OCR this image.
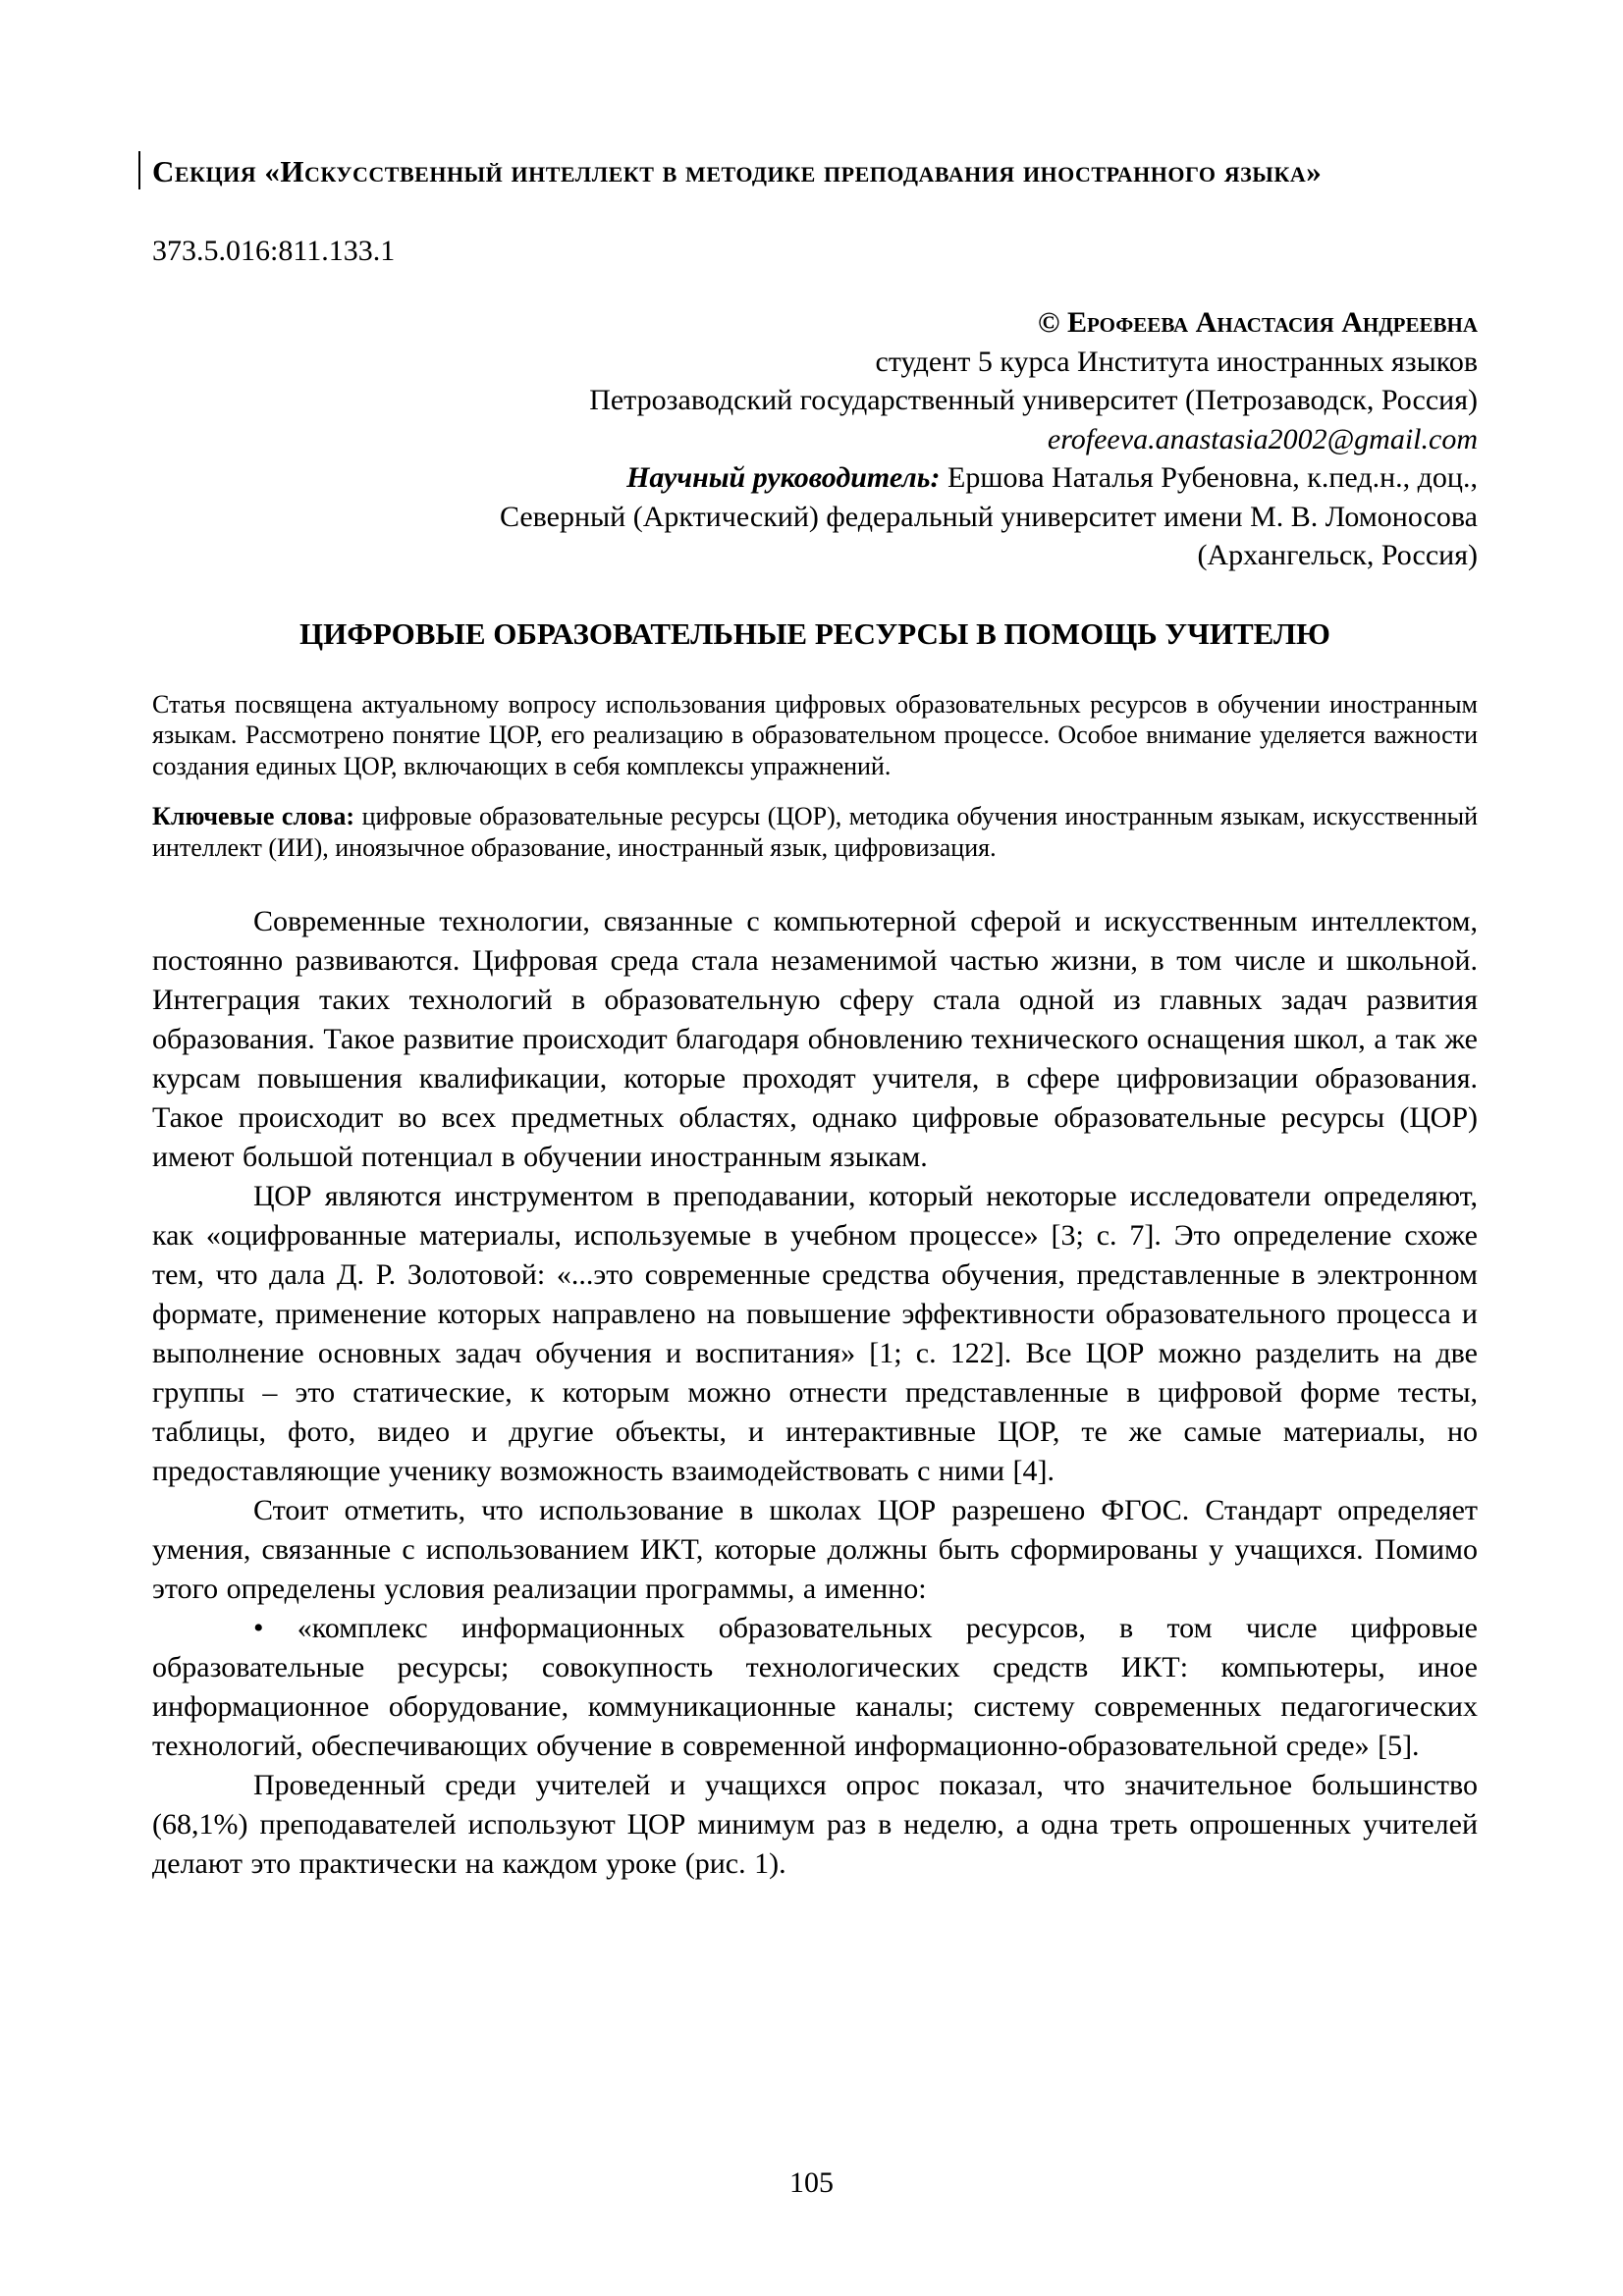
Секция «Искусственный интеллект в методике преподавания иностранного языка»

373.5.016:811.133.1

© Ерофеева Анастасия Андреевна

студент 5 курса Института иностранных языков

Петрозаводский государственный университет (Петрозаводск, Россия)

erofeeva.anastasia2002@gmail.com

Научный руководитель: Ершова Наталья Рубеновна, к.пед.н., доц.,

Северный (Арктический) федеральный университет имени М. В. Ломоносова

(Архангельск, Россия)

ЦИФРОВЫЕ ОБРАЗОВАТЕЛЬНЫЕ РЕСУРСЫ В ПОМОЩЬ УЧИТЕЛЮ

Статья посвящена актуальному вопросу использования цифровых образовательных ресурсов в обучении иностранным языкам. Рассмотрено понятие ЦОР, его реализацию в образовательном процессе. Особое внимание уделяется важности создания единых ЦОР, включающих в себя комплексы упражнений.

Ключевые слова: цифровые образовательные ресурсы (ЦОР), методика обучения иностранным языкам, искусственный интеллект (ИИ), иноязычное образование, иностранный язык, цифровизация.

Современные технологии, связанные с компьютерной сферой и искусственным интеллектом, постоянно развиваются. Цифровая среда стала незаменимой частью жизни, в том числе и школьной. Интеграция таких технологий в образовательную сферу стала одной из главных задач развития образования. Такое развитие происходит благодаря обновлению технического оснащения школ, а так же курсам повышения квалификации, которые проходят учителя, в сфере цифровизации образования. Такое происходит во всех предметных областях, однако цифровые образовательные ресурсы (ЦОР) имеют большой потенциал в обучении иностранным языкам.

ЦОР являются инструментом в преподавании, который некоторые исследователи определяют, как «оцифрованные материалы, используемые в учебном процессе» [3; с. 7]. Это определение схоже тем, что дала Д. Р. Золотовой: «...это современные средства обучения, представленные в электронном формате, применение которых направлено на повышение эффективности образовательного процесса и выполнение основных задач обучения и воспитания» [1; с. 122]. Все ЦОР можно разделить на две группы – это статические, к которым можно отнести представленные в цифровой форме тесты, таблицы, фото, видео и другие объекты, и интерактивные ЦОР, те же самые материалы, но предоставляющие ученику возможность взаимодействовать с ними [4].

Стоит отметить, что использование в школах ЦОР разрешено ФГОС. Стандарт определяет умения, связанные с использованием ИКТ, которые должны быть сформированы у учащихся. Помимо этого определены условия реализации программы, а именно:

• «комплекс информационных образовательных ресурсов, в том числе цифровые образовательные ресурсы; совокупность технологических средств ИКТ: компьютеры, иное информационное оборудование, коммуникационные каналы; систему современных педагогических технологий, обеспечивающих обучение в современной информационно-образовательной среде» [5].

Проведенный среди учителей и учащихся опрос показал, что значительное большинство (68,1%) преподавателей используют ЦОР минимум раз в неделю, а одна треть опрошенных учителей делают это практически на каждом уроке (рис. 1).

105
